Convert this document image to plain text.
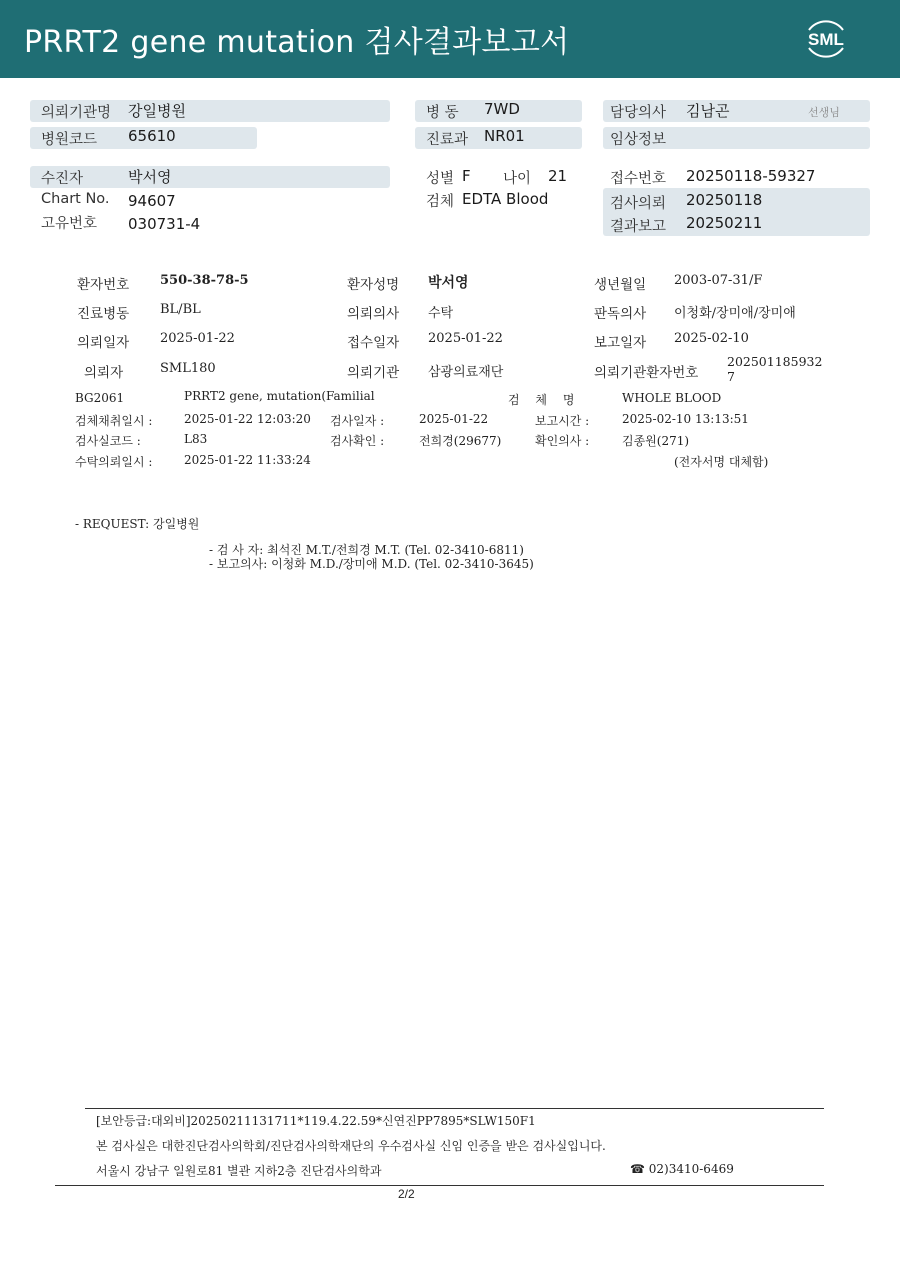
PRRT2 gene mutation 검사결과보고서	SML
의뢰기관명 강일병원
병원코드 65610
병 동 7WD
진료과 NR01
담당의사 김남곤	선생님
임상정보
수진자	박서영
Chart No. 94607
고유번호 030731-4
성별 F 나이 21
검체 EDTA Blood
접수번호 20250118-59327
검사의뢰 20250118
결과보고 20250211
환자번호 550-38-78-5	환자성명 박서영	생년월일 2003-07-31/F
진료병동 BL/BL	의뢰의사 수탁	판독의사 이청화/장미애/장미애
의뢰일자 2025-01-22	접수일자 2025-01-22	보고일자 2025-02-10
의뢰자	SML180	의뢰기관 삼광의료재단	의뢰기관환자번호
202501185932
7
BG2061	PRRT2 gene, mutation(Familial	검 체 명	WHOLE BLOOD
검체채취일시 :	2025-01-22 12:03:20 검사일자 :	2025-01-22	보고시간 :	2025-02-10 13:13:51
검사실코드 :	L83	검사확인 :	전희경(29677)	확인의사 :	김종원(271)
수탁의뢰일시 :	2025-01-22 11:33:24	(전자서명 대체함)
- REQUEST: 강일병원
- 검 사 자: 최석진 M.T./전희경 M.T. (Tel. 02-3410-6811)
- 보고의사: 이청화 M.D./장미애 M.D. (Tel. 02-3410-3645)
[보안등급:대외비]20250211131711*119.4.22.59*신연진PP7895*SLW150F1
본 검사실은 대한진단검사의학회/진단검사의학재단의 우수검사실 신임 인증을 받은 검사실입니다.
서울시 강남구 일원로81 별관 지하2층 진단검사의학과	☎ 02)3410-6469
2/2
